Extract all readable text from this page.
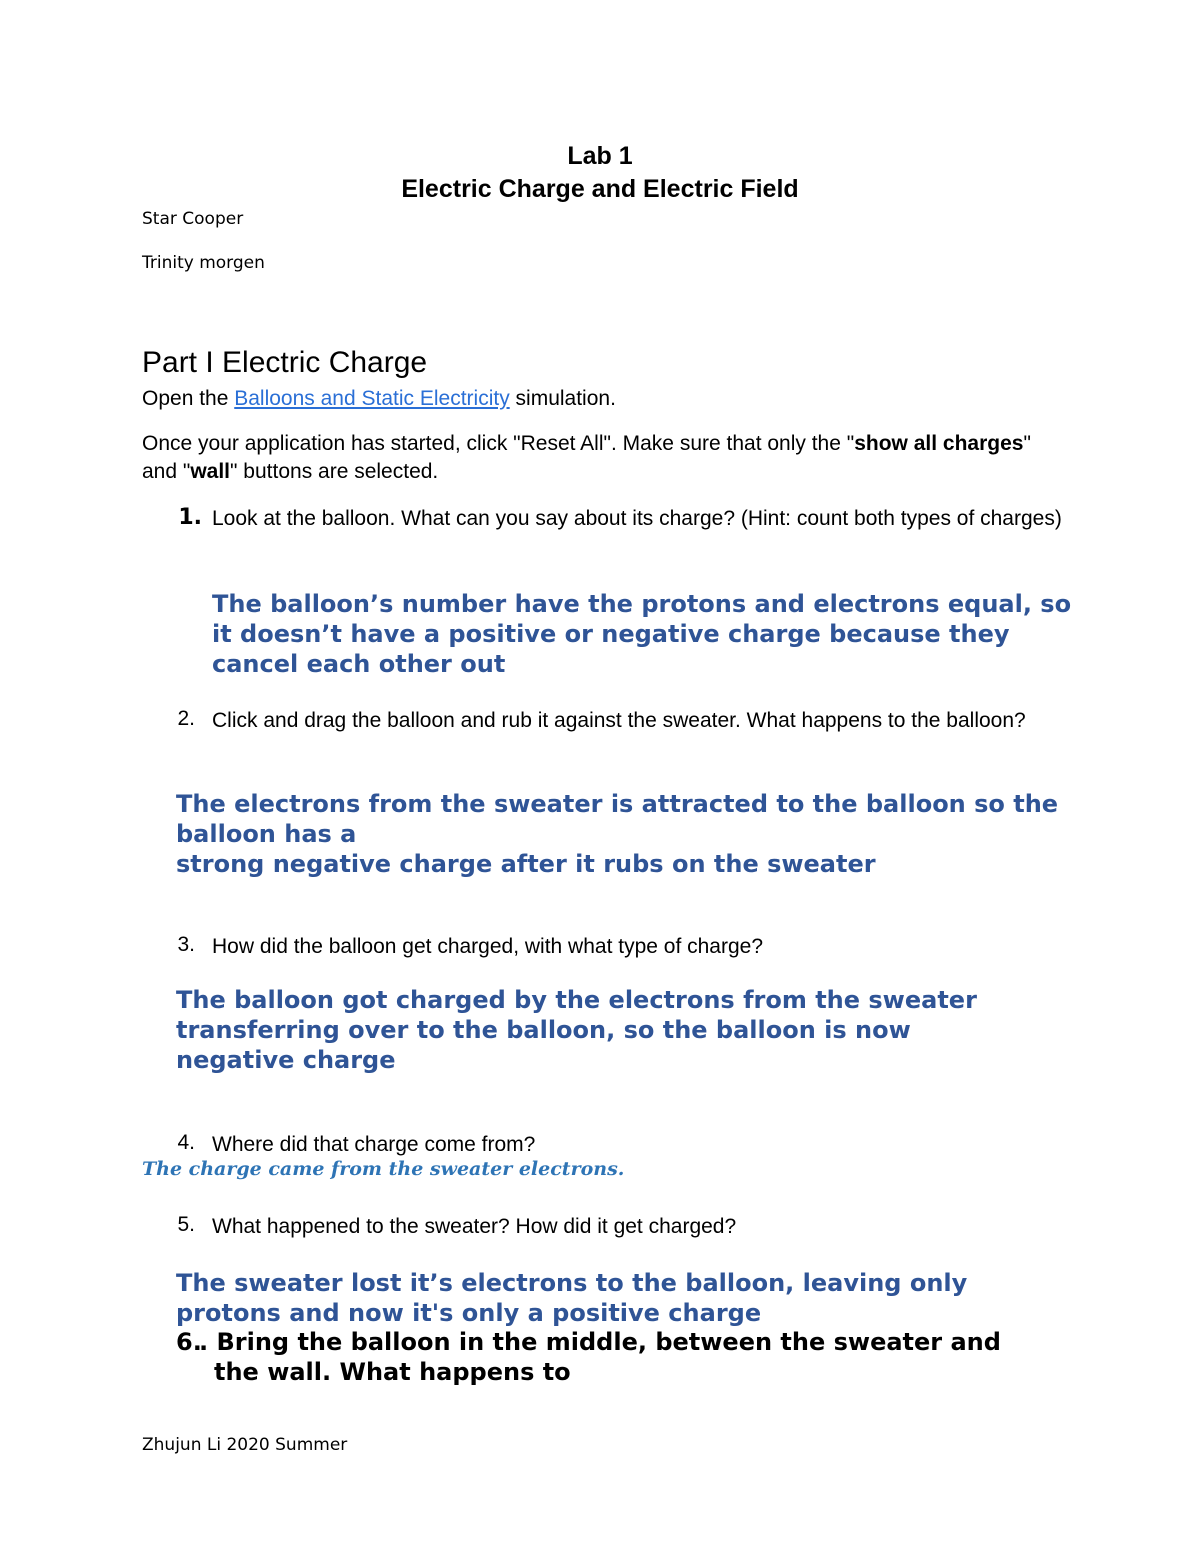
Lab 1
Electric Charge and Electric Field
Star Cooper
Trinity morgen
Part I Electric Charge
Open the Balloons and Static Electricity simulation.
Once your application has started, click "Reset All". Make sure that only the "show all charges" and "wall" buttons are selected.
1. Look at the balloon. What can you say about its charge? (Hint: count both types of charges)
The balloon’s number have the protons and electrons equal, so it doesn’t have a positive or negative charge because they cancel each other out
2. Click and drag the balloon and rub it against the sweater. What happens to the balloon?
The electrons from the sweater is attracted to the balloon so the
balloon has a
strong negative charge after it rubs on the sweater
3. How did the balloon get charged, with what type of charge?
The balloon got charged by the electrons from the sweater transferring over to the balloon, so the balloon is now negative charge
4. Where did that charge come from?
The charge came from the sweater electrons.
5. What happened to the sweater? How did it get charged?
The sweater lost it’s electrons to the balloon, leaving only protons and now it's only a positive charge
6.
. Bring the balloon in the middle, between the sweater and the wall. What happens to
Zhujun Li 2020 Summer
